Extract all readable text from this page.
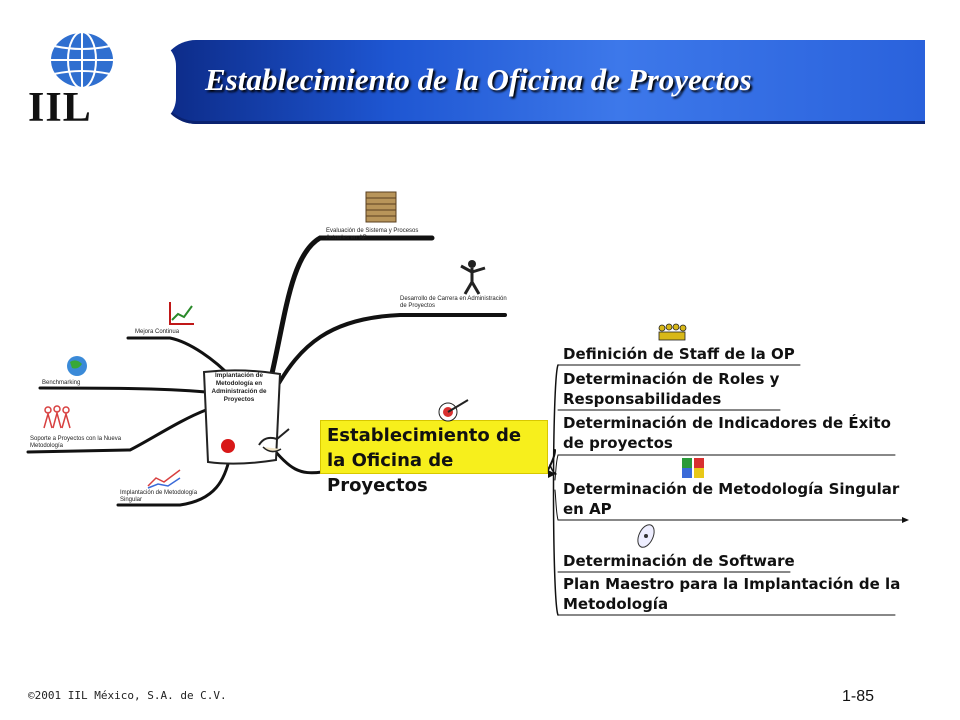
IIL
Establecimiento de la Oficina de Proyectos
Implantación de Metodología en Administración de Proyectos
Evaluación de Sistema y Procesos Actuales en AP
Desarrollo de Carrera en Administración de Proyectos
Mejora Continua
Benchmarking
Soporte a Proyectos con la Nueva Metodología
Implantación de Metodología Singular
Establecimiento de la Oficina de Proyectos
Definición de Staff de la OP
Determinación de Roles y Responsabilidades
Determinación de Indicadores de Éxito de proyectos
Determinación de Metodología Singular en AP
Determinación de Software
Plan Maestro para la Implantación de la Metodología
©2001 IIL México, S.A. de C.V.	1-85
